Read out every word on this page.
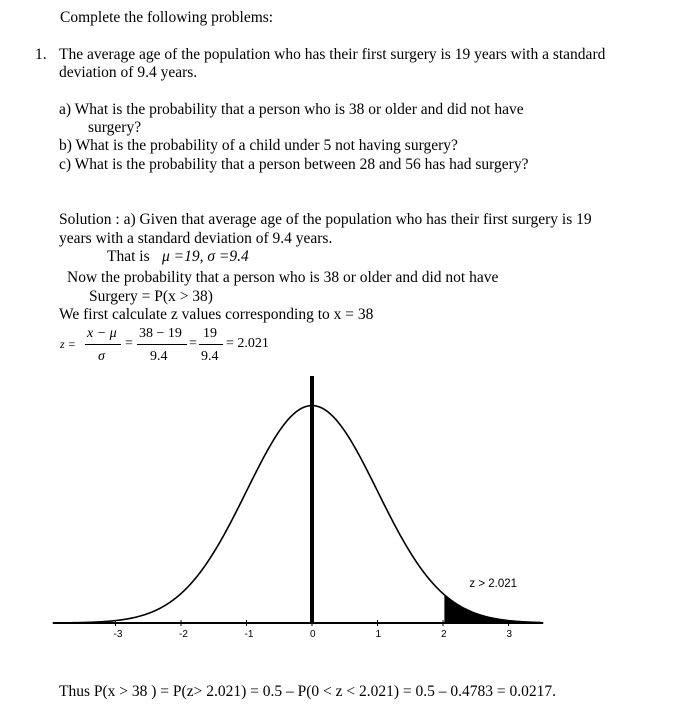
Complete the following problems:
1. The average age of the population who has their first surgery is 19 years with a standard
deviation of 9.4 years.
a) What is the probability that a person who is 38 or older and did not have
surgery?
b) What is the probability of a child under 5 not having surgery?
c) What is the probability that a person between 28 and 56 has had surgery?
Solution : a) Given that average age of the population who has their first surgery is 19
years with a standard deviation of 9.4 years.
That is μ =19, σ =9.4
Now the probability that a person who is 38 or older and did not have
Surgery = P(x > 38)
We first calculate z values corresponding to x = 38
z =
x − μ
σ
=
38 − 19
9.4
=
19
9.4
= 2.021
-3	-2	-1	0	1	2	3
z > 2.021
Thus P(x > 38 ) = P(z> 2.021) = 0.5 – P(0 < z < 2.021) = 0.5 – 0.4783 = 0.0217.
